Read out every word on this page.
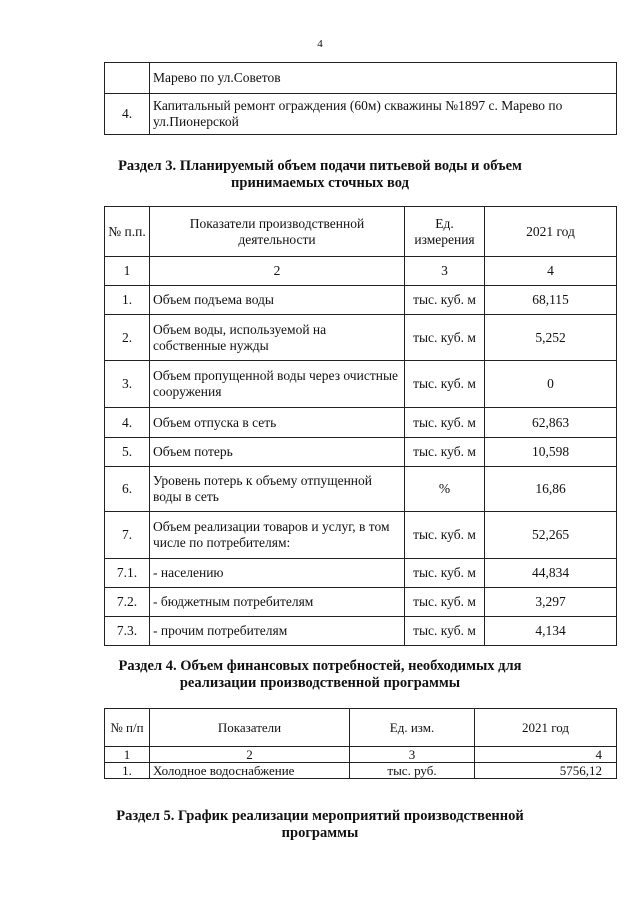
4
	Марево по ул.Советов
4.	Капитальный ремонт ограждения (60м) скважины №1897 с. Марево по ул.Пионерской
Раздел 3. Планируемый объем подачи питьевой воды и объем
принимаемых сточных вод
№ п.п.	Показатели производственной деятельности	Ед. измерения	2021 год
1	2	3	4
1.	Объем подъема воды	тыс. куб. м	68,115
2.	Объем воды, используемой на собственные нужды	тыс. куб. м	5,252
3.	Объем пропущенной воды через очистные сооружения	тыс. куб. м	0
4.	Объем отпуска в сеть	тыс. куб. м	62,863
5.	Объем потерь	тыс. куб. м	10,598
6.	Уровень потерь к объему отпущенной воды в сеть	%	16,86
7.	Объем реализации товаров и услуг, в том числе по потребителям:	тыс. куб. м	52,265
7.1.	- населению	тыс. куб. м	44,834
7.2.	- бюджетным потребителям	тыс. куб. м	3,297
7.3.	- прочим потребителям	тыс. куб. м	4,134
Раздел 4. Объем финансовых потребностей, необходимых для
реализации производственной программы
№ п/п	Показатели	Ед. изм.	2021 год
1	2	3	4
1.	Холодное водоснабжение	тыс. руб.	5756,12
Раздел 5. График реализации мероприятий производственной
программы
